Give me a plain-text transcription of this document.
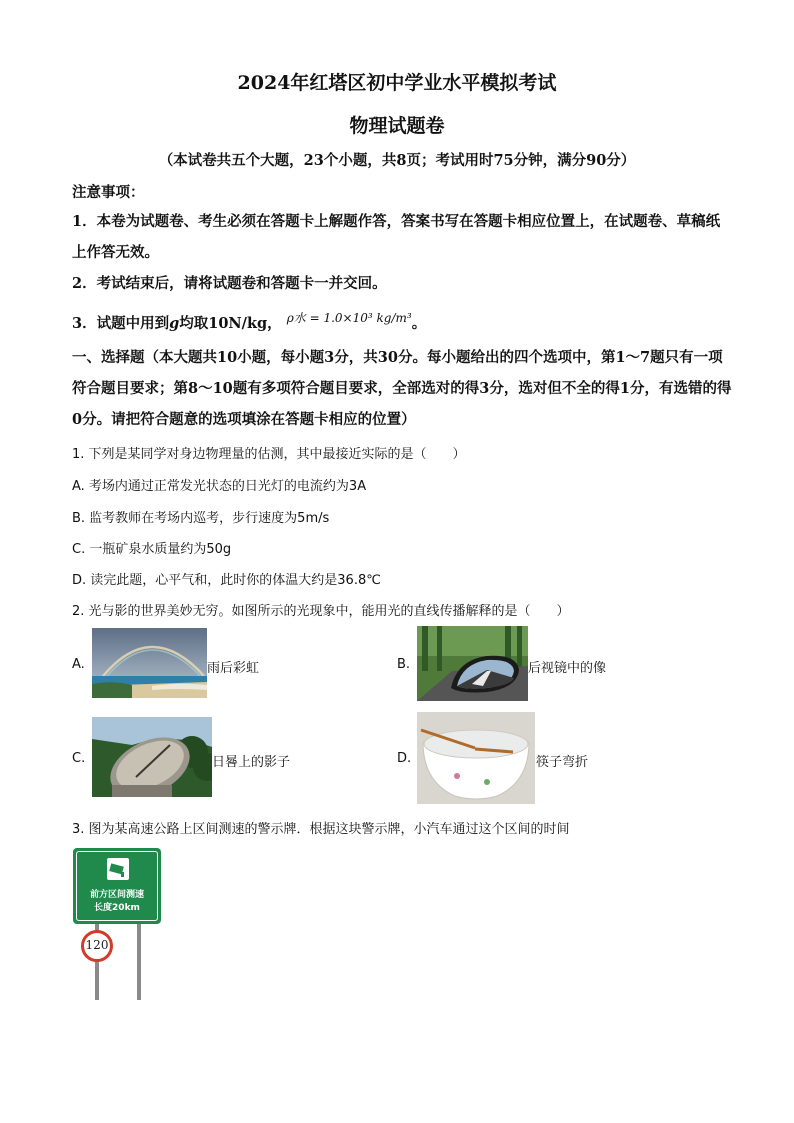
2024年红塔区初中学业水平模拟考试
物理试题卷
（本试卷共五个大题，23个小题，共8页；考试用时75分钟，满分90分）
注意事项：
1．本卷为试题卷、考生必须在答题卡上解题作答，答案书写在答题卡相应位置上，在试题卷、草稿纸上作答无效。
2．考试结束后，请将试题卷和答题卡一并交回。
3．试题中用到g均取10N/kg， $^{\rho 水 = 1.0\times 10^3 kg/m^3}$。
一、选择题（本大题共10小题，每小题3分，共30分。每小题给出的四个选项中，第1～7题只有一项符合题目要求；第8～10题有多项符合题目要求，全部选对的得3分，选对但不全的得1分，有选错的得0分。请把符合题意的选项填涂在答题卡相应的位置）
1. 下列是某同学对身边物理量的估测，其中最接近实际的是（　　）
A. 考场内通过正常发光状态的日光灯的电流约为3A
B. 监考教师在考场内巡考，步行速度为5m/s
C. 一瓶矿泉水质量约为50g
D. 读完此题，心平气和，此时你的体温大约是36.8℃
2. 光与影的世界美妙无穷。如图所示的光现象中，能用光的直线传播解释的是（　　）
A.	雨后彩虹	B.	后视镜中的像
C.	日晷上的影子	D.	筷子弯折
3. 图为某高速公路上区间测速的警示牌．根据这块警示牌，小汽车通过这个区间的时间
前方区间测速
长度20km
120
